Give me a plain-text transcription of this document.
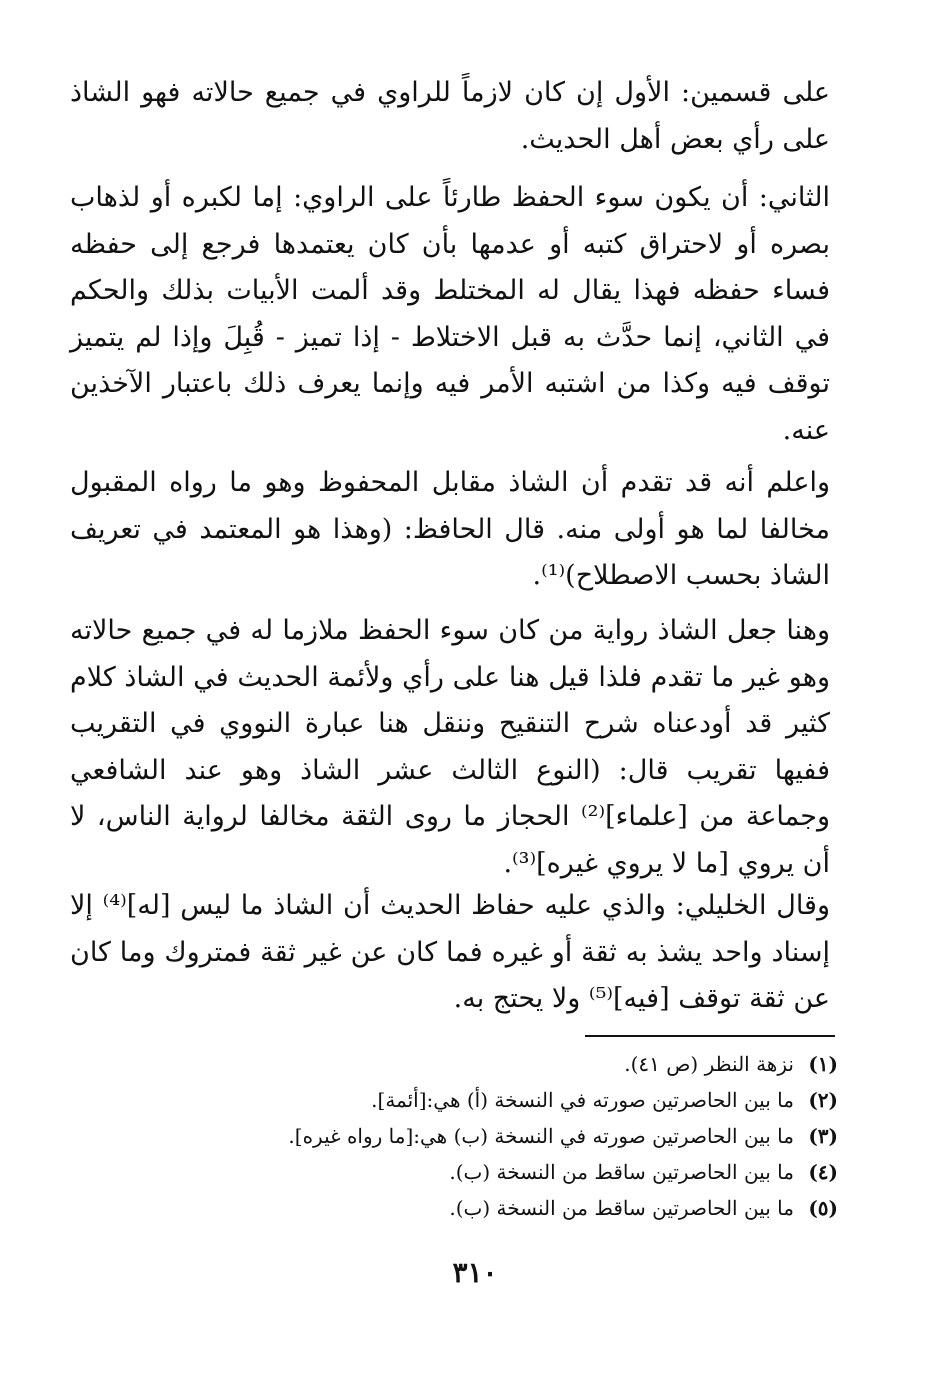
على قسمين: الأول إن كان لازماً للراوي في جميع حالاته فهو الشاذ على رأي بعض أهل الحديث.

الثاني: أن يكون سوء الحفظ طارئاً على الراوي: إما لكبره أو لذهاب بصره أو لاحتراق كتبه أو عدمها بأن كان يعتمدها فرجع إلى حفظه فساء حفظه فهذا يقال له المختلط وقد ألمت الأبيات بذلك والحكم في الثاني، إنما حدَّث به قبل الاختلاط - إذا تميز - قُبِلَ وإذا لم يتميز توقف فيه وكذا من اشتبه الأمر فيه وإنما يعرف ذلك باعتبار الآخذين عنه.

واعلم أنه قد تقدم أن الشاذ مقابل المحفوظ وهو ما رواه المقبول مخالفا لما هو أولى منه. قال الحافظ: (وهذا هو المعتمد في تعريف الشاذ بحسب الاصطلاح)⁽¹⁾.

وهنا جعل الشاذ رواية من كان سوء الحفظ ملازما له في جميع حالاته وهو غير ما تقدم فلذا قيل هنا على رأي ولأئمة الحديث في الشاذ كلام كثير قد أودعناه شرح التنقيح وننقل هنا عبارة النووي في التقريب ففيها تقريب قال: (النوع الثالث عشر الشاذ وهو عند الشافعي وجماعة من [علماء]⁽²⁾ الحجاز ما روى الثقة مخالفا لرواية الناس، لا أن يروي [ما لا يروي غيره]⁽³⁾.

وقال الخليلي: والذي عليه حفاظ الحديث أن الشاذ ما ليس [له]⁽⁴⁾ إلا إسناد واحد يشذ به ثقة أو غيره فما كان عن غير ثقة فمتروك وما كان عن ثقة توقف [فيه]⁽⁵⁾ ولا يحتج به.

(١) نزهة النظر (ص ٤١).
(٢) ما بين الحاصرتين صورته في النسخة (أ) هي:[أئمة].
(٣) ما بين الحاصرتين صورته في النسخة (ب) هي:[ما رواه غيره].
(٤) ما بين الحاصرتين ساقط من النسخة (ب).
(٥) ما بين الحاصرتين ساقط من النسخة (ب).
٣١٠
